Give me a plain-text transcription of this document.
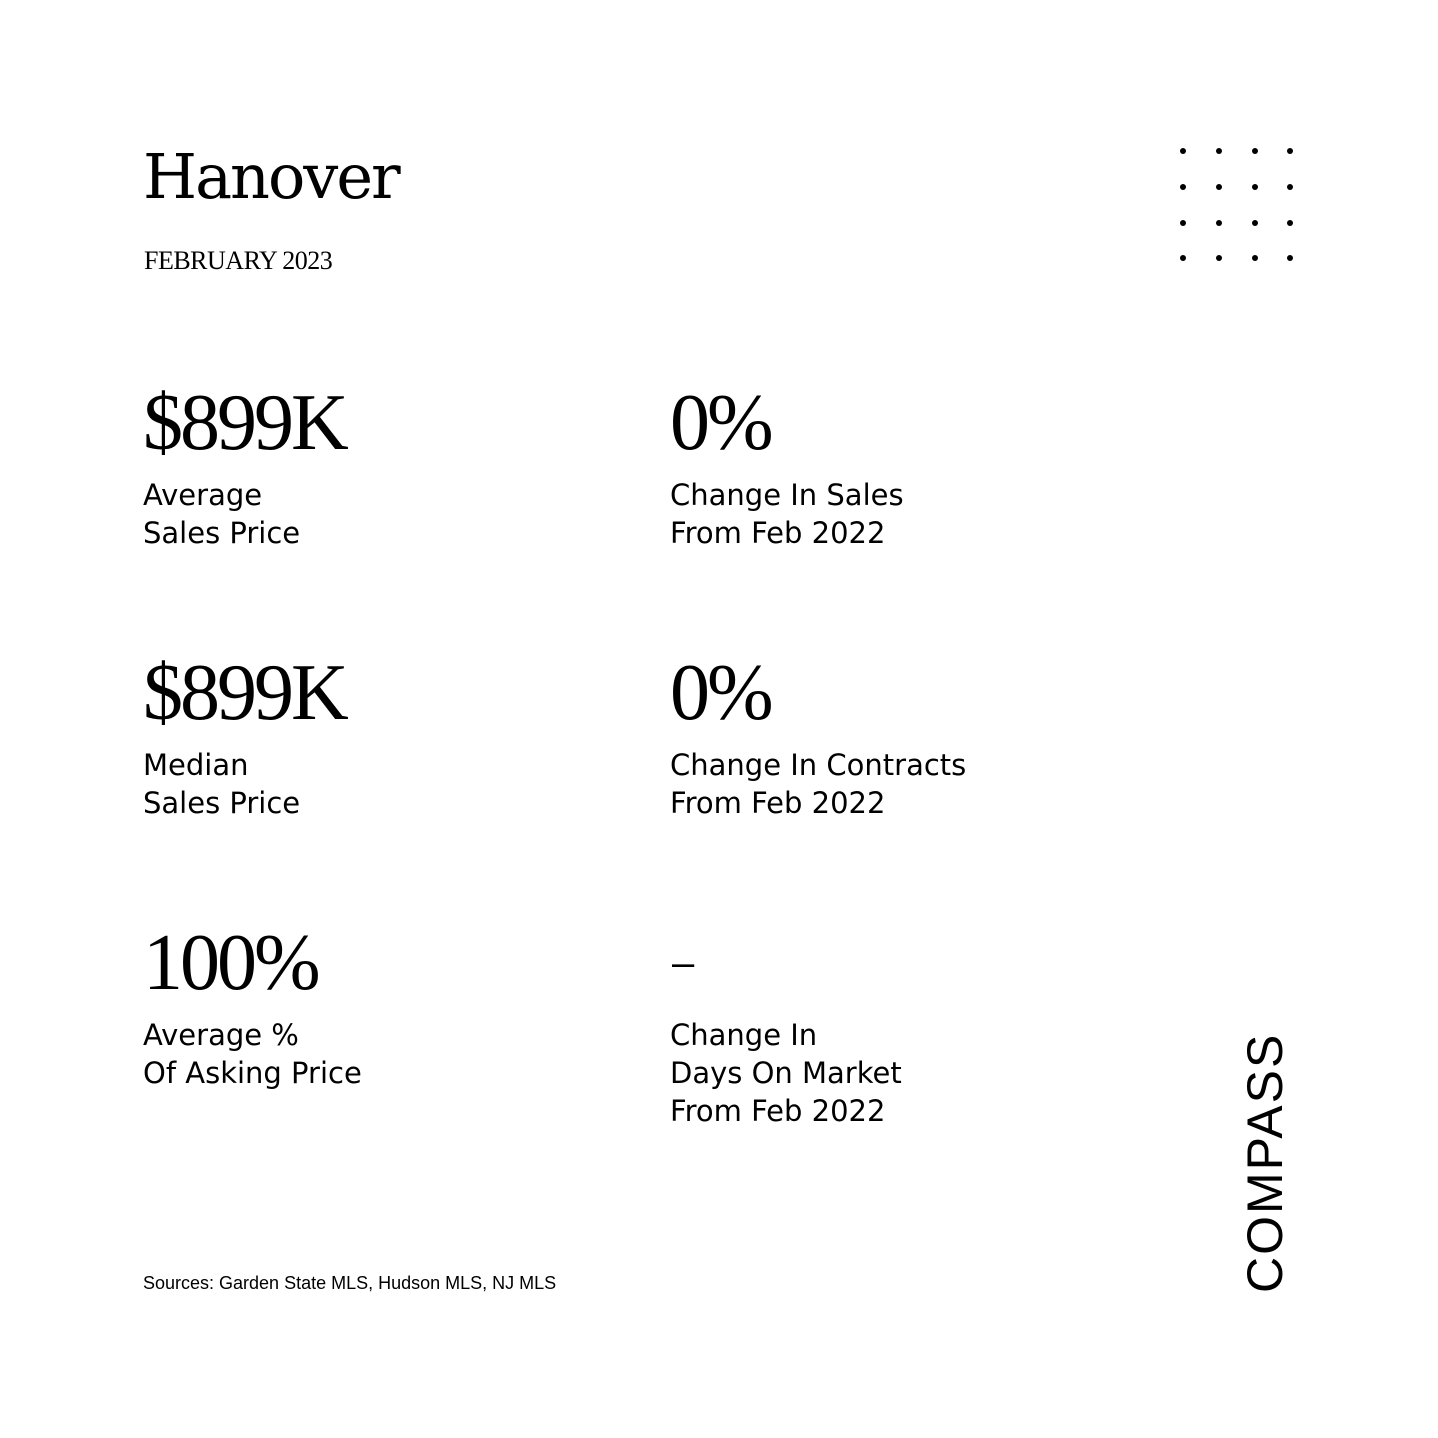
Hanover
FEBRUARY 2023
$899K
Average
Sales Price
0%
Change In Sales
From Feb 2022
$899K
Median
Sales Price
0%
Change In Contracts
From Feb 2022
100%
Average %
Of Asking Price
–
Change In
Days On Market
From Feb 2022
Sources: Garden State MLS, Hudson MLS, NJ MLS	COMPASS
